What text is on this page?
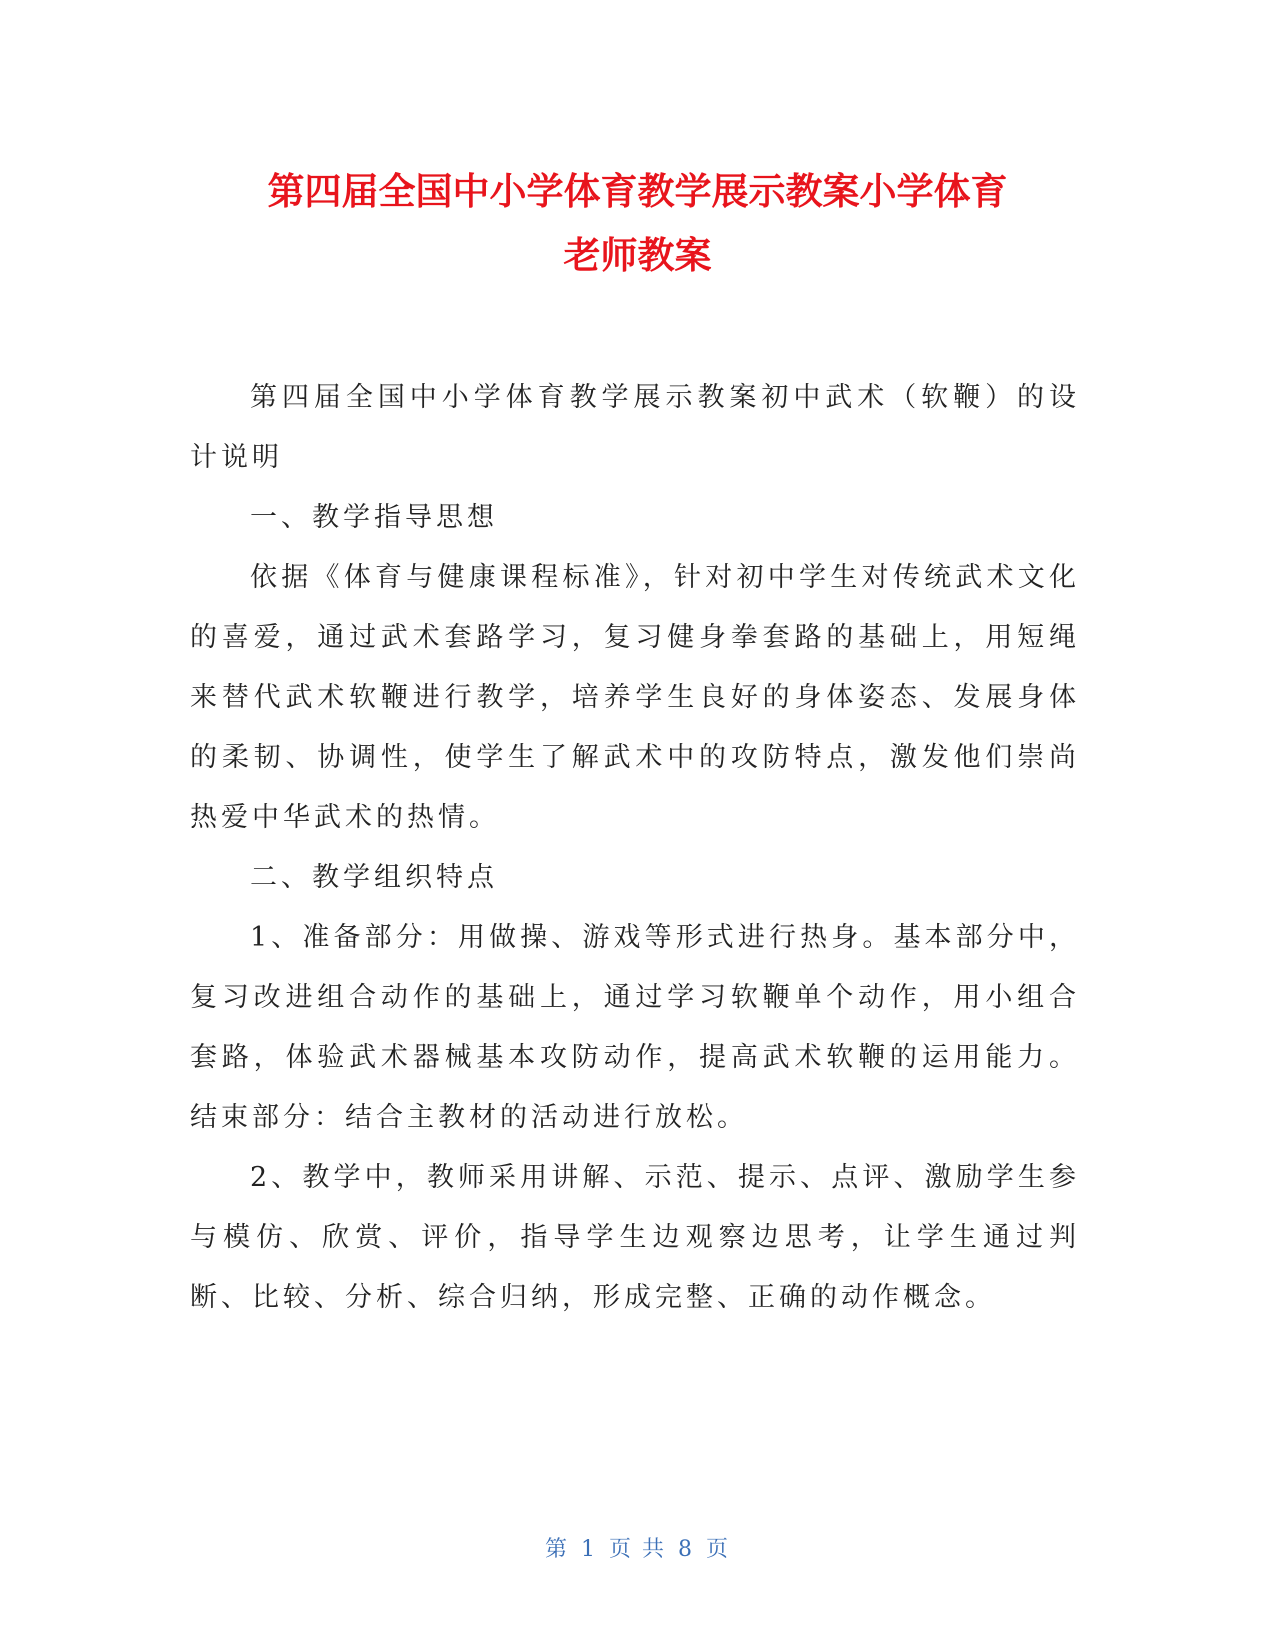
第四届全国中小学体育教学展示教案小学体育
老师教案

第四届全国中小学体育教学展示教案初中武术（软鞭）的设计说明

一、教学指导思想

依据《体育与健康课程标准》，针对初中学生对传统武术文化的喜爱，通过武术套路学习，复习健身拳套路的基础上，用短绳来替代武术软鞭进行教学，培养学生良好的身体姿态、发展身体的柔韧、协调性，使学生了解武术中的攻防特点，激发他们崇尚热爱中华武术的热情。

二、教学组织特点

1、准备部分：用做操、游戏等形式进行热身。基本部分中，复习改进组合动作的基础上，通过学习软鞭单个动作，用小组合套路，体验武术器械基本攻防动作，提高武术软鞭的运用能力。结束部分：结合主教材的活动进行放松。

2、教学中，教师采用讲解、示范、提示、点评、激励学生参与模仿、欣赏、评价，指导学生边观察边思考，让学生通过判断、比较、分析、综合归纳，形成完整、正确的动作概念。

第 1 页 共 8 页
